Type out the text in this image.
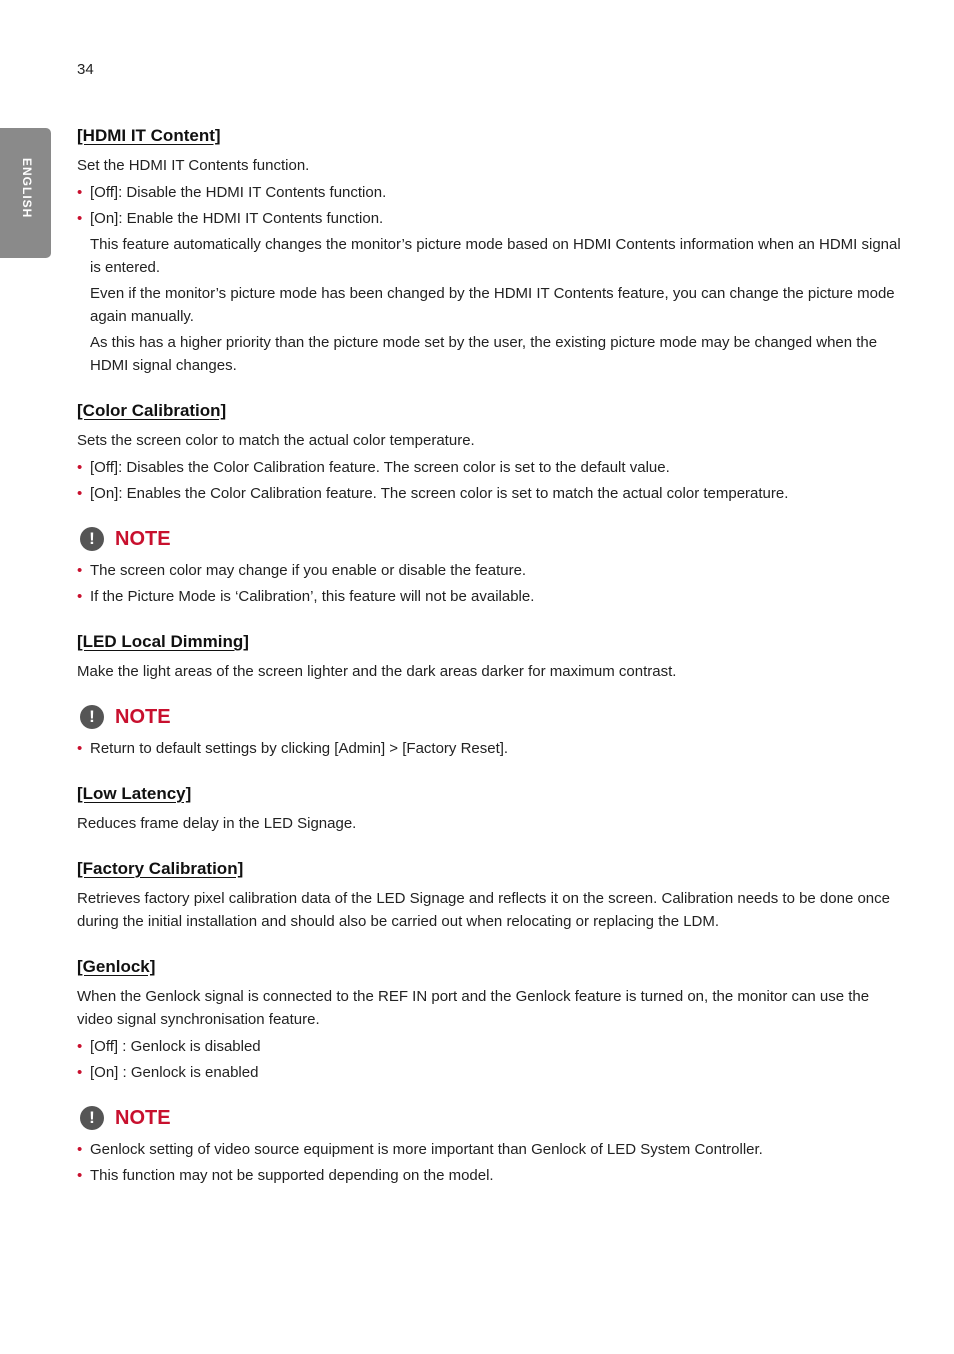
34
ENGLISH
[HDMI IT Content]

Set the HDMI IT Contents function.

• [Off]: Disable the HDMI IT Contents function.
• [On]: Enable the HDMI IT Contents function.
This feature automatically changes the monitor’s picture mode based on HDMI Contents information when an HDMI signal is entered.
Even if the monitor’s picture mode has been changed by the HDMI IT Contents feature, you can change the picture mode again manually.
As this has a higher priority than the picture mode set by the user, the existing picture mode may be changed when the HDMI signal changes.
[Color Calibration]

Sets the screen color to match the actual color temperature.

• [Off]: Disables the Color Calibration feature. The screen color is set to the default value.
• [On]: Enables the Color Calibration feature. The screen color is set to match the actual color temperature.
!	NOTE
• The screen color may change if you enable or disable the feature.
• If the Picture Mode is ‘Calibration’, this feature will not be available.
[LED Local Dimming]

Make the light areas of the screen lighter and the dark areas darker for maximum contrast.

!	NOTE
• Return to default settings by clicking [Admin] > [Factory Reset].
[Low Latency]

Reduces frame delay in the LED Signage.

[Factory Calibration]

Retrieves factory pixel calibration data of the LED Signage and reflects it on the screen. Calibration needs to be done once during the initial installation and should also be carried out when relocating or replacing the LDM.

[Genlock]

When the Genlock signal is connected to the REF IN port and the Genlock feature is turned on, the monitor can use the video signal synchronisation feature.

• [Off] : Genlock is disabled
• [On] : Genlock is enabled
!	NOTE
• Genlock setting of video source equipment is more important than Genlock of LED System Controller.
• This function may not be supported depending on the model.
